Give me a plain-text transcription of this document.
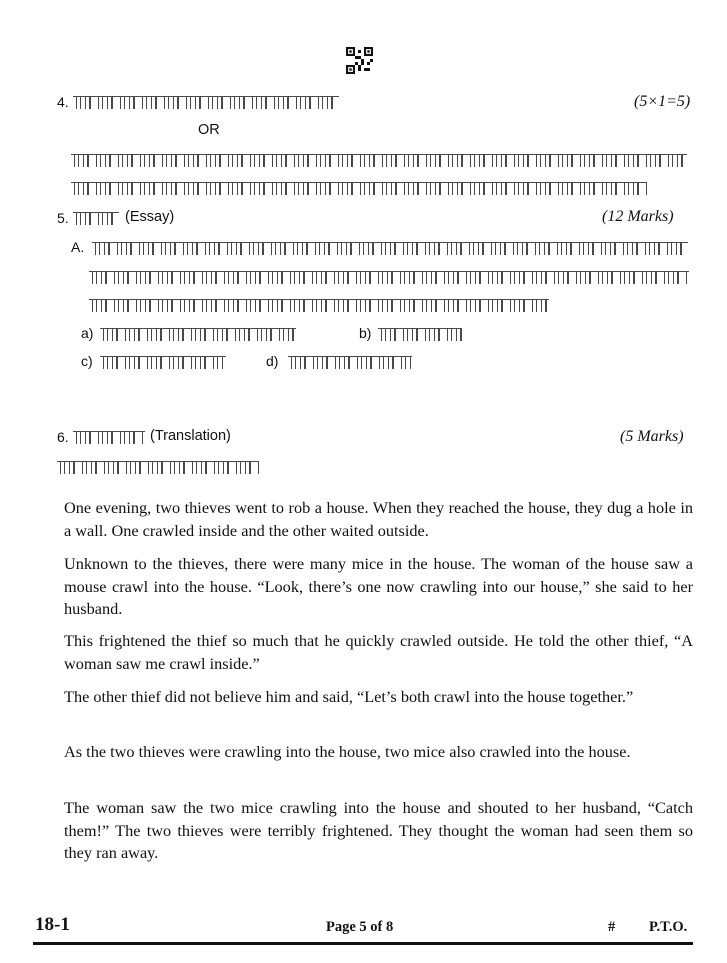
4.	(5×1=5)
OR
5.	(Essay)	(12 Marks)
A.
a)	b)
c)	d)
6.	(Translation)	(5 Marks)
One evening, two thieves went to rob a house. When they reached the house, they dug a hole in a wall. One crawled inside and the other waited outside.
Unknown to the thieves, there were many mice in the house. The woman of the house saw a mouse crawl into the house. “Look, there’s one now crawling into our house,” she said to her husband.
This frightened the thief so much that he quickly crawled outside. He told the other thief, “A woman saw me crawl inside.”
The other thief did not believe him and said, “Let’s both crawl into the house together.”
As the two thieves were crawling into the house, two mice also crawled into the house.
The woman saw the two mice crawling into the house and shouted to her husband, “Catch them!” The two thieves were terribly frightened. They thought the woman had seen them so they ran away.
18-1	Page 5 of 8	# P.T.O.
